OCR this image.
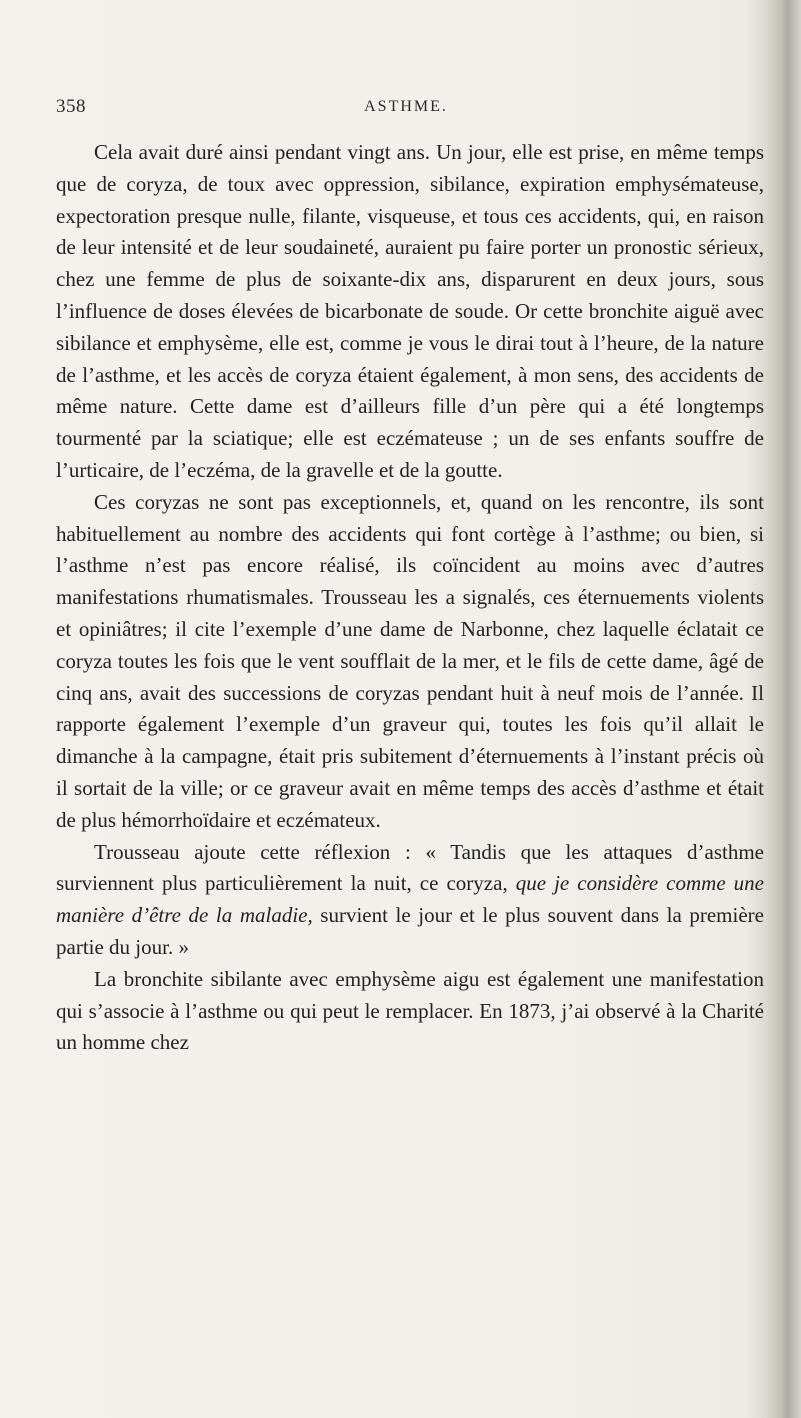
358	ASTHME.

Cela avait duré ainsi pendant vingt ans. Un jour, elle est prise, en même temps que de coryza, de toux avec oppression, sibilance, expiration emphysémateuse, expectoration presque nulle, filante, visqueuse, et tous ces accidents, qui, en raison de leur intensité et de leur soudaineté, auraient pu faire porter un pronostic sérieux, chez une femme de plus de soixante-dix ans, disparurent en deux jours, sous l’influence de doses élevées de bicarbonate de soude. Or cette bronchite aiguë avec sibilance et emphysème, elle est, comme je vous le dirai tout à l’heure, de la nature de l’asthme, et les accès de coryza étaient également, à mon sens, des accidents de même nature. Cette dame est d’ailleurs fille d’un père qui a été longtemps tourmenté par la sciatique; elle est eczémateuse ; un de ses enfants souffre de l’urticaire, de l’eczéma, de la gravelle et de la goutte.

Ces coryzas ne sont pas exceptionnels, et, quand on les rencontre, ils sont habituellement au nombre des accidents qui font cortège à l’asthme; ou bien, si l’asthme n’est pas encore réalisé, ils coïncident au moins avec d’autres manifestations rhumatismales. Trousseau les a signalés, ces éternuements violents et opiniâtres; il cite l’exemple d’une dame de Narbonne, chez laquelle éclatait ce coryza toutes les fois que le vent soufflait de la mer, et le fils de cette dame, âgé de cinq ans, avait des successions de coryzas pendant huit à neuf mois de l’année. Il rapporte également l’exemple d’un graveur qui, toutes les fois qu’il allait le dimanche à la campagne, était pris subitement d’éternuements à l’instant précis où il sortait de la ville; or ce graveur avait en même temps des accès d’asthme et était de plus hémorrhoïdaire et eczémateux.

Trousseau ajoute cette réflexion : « Tandis que les attaques d’asthme surviennent plus particulièrement la nuit, ce coryza, que je considère comme une manière d’être de la maladie, survient le jour et le plus souvent dans la première partie du jour. »

La bronchite sibilante avec emphysème aigu est également une manifestation qui s’associe à l’asthme ou qui peut le remplacer. En 1873, j’ai observé à la Charité un homme chez
